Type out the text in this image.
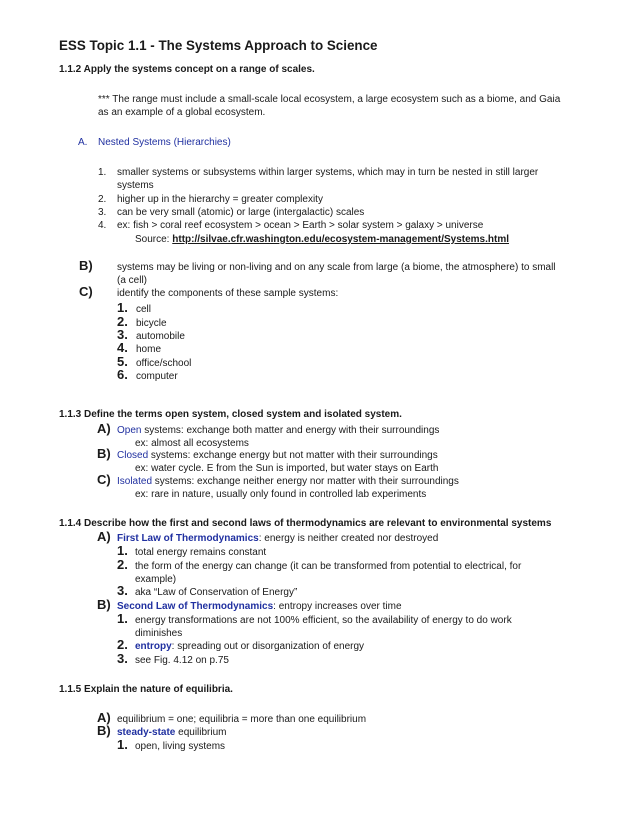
ESS Topic 1.1 - The Systems Approach to Science
1.1.2 Apply the systems concept on a range of scales.
*** The range must include a small-scale local ecosystem, a large ecosystem such as a biome, and Gaia
as an example of a global ecosystem.
A. Nested Systems (Hierarchies)
1. smaller systems or subsystems within larger systems, which may in turn be nested in still larger
systems
2. higher up in the hierarchy = greater complexity
3. can be very small (atomic) or large (intergalactic) scales
4. ex: fish > coral reef ecosystem > ocean > Earth > solar system > galaxy > universe
Source: http://silvae.cfr.washington.edu/ecosystem-management/Systems.html
B) systems may be living or non-living and on any scale from large (a biome, the atmosphere) to small
(a cell)
C) identify the components of these sample systems:
1. cell
2. bicycle
3. automobile
4. home
5. office/school
6. computer
1.1.3 Define the terms open system, closed system and isolated system.
A) Open systems: exchange both matter and energy with their surroundings
ex: almost all ecosystems
B) Closed systems: exchange energy but not matter with their surroundings
ex: water cycle. E from the Sun is imported, but water stays on Earth
C) Isolated systems: exchange neither energy nor matter with their surroundings
ex: rare in nature, usually only found in controlled lab experiments
1.1.4 Describe how the first and second laws of thermodynamics are relevant to environmental systems
A) First Law of Thermodynamics: energy is neither created nor destroyed
1. total energy remains constant
2. the form of the energy can change (it can be transformed from potential to electrical, for
example)
3. aka “Law of Conservation of Energy”
B) Second Law of Thermodynamics: entropy increases over time
1. energy transformations are not 100% efficient, so the availability of energy to do work
diminishes
2. entropy: spreading out or disorganization of energy
3. see Fig. 4.12 on p.75
1.1.5 Explain the nature of equilibria.
A) equilibrium = one; equilibria = more than one equilibrium
B) steady-state equilibrium
1. open, living systems
